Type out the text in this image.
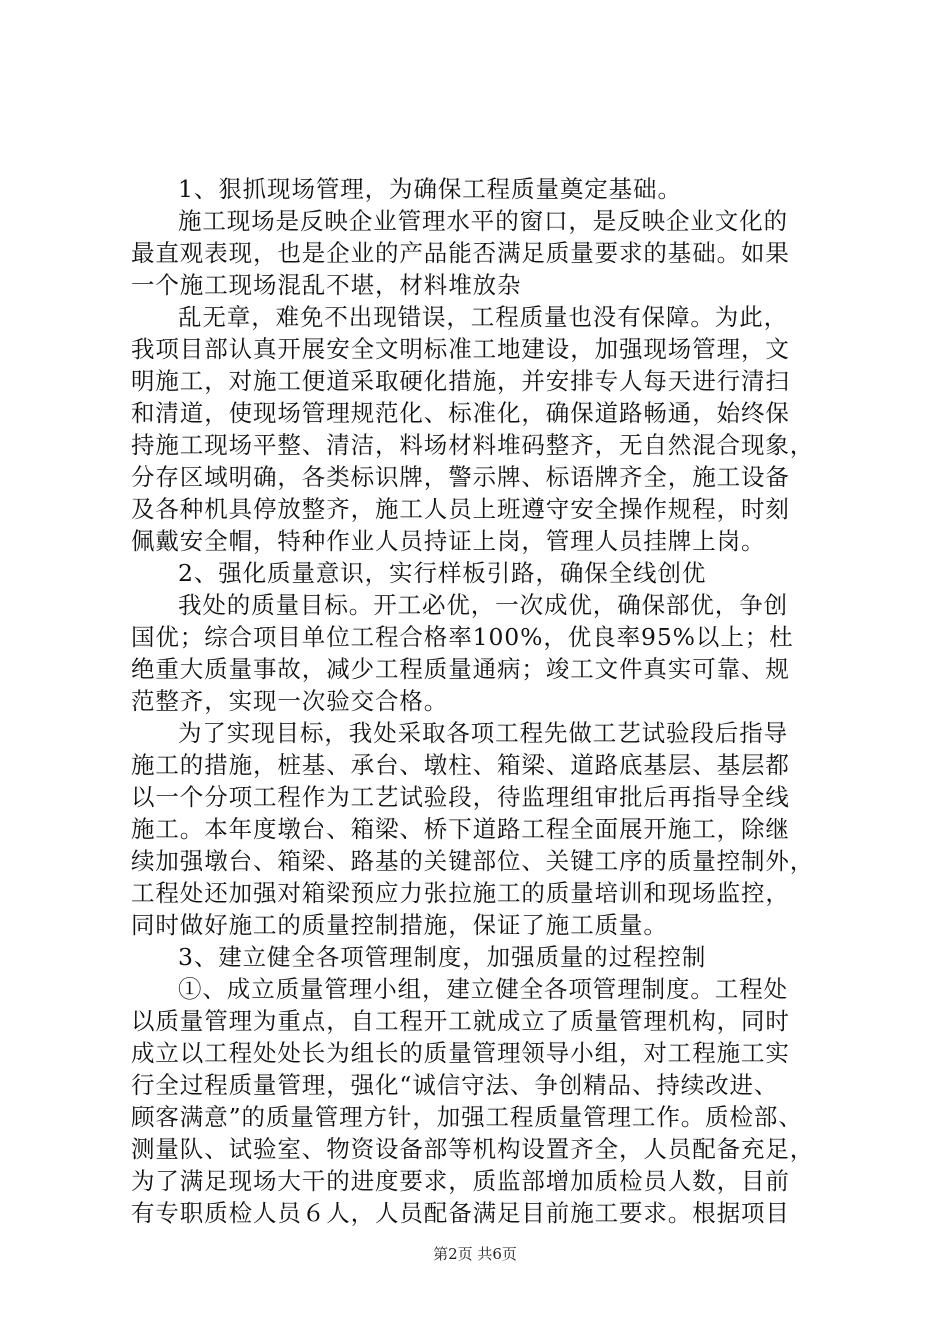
1、狠抓现场管理，为确保工程质量奠定基础。
施工现场是反映企业管理水平的窗口，是反映企业文化的
最直观表现，也是企业的产品能否满足质量要求的基础。如果
一个施工现场混乱不堪，材料堆放杂
乱无章，难免不出现错误，工程质量也没有保障。为此，
我项目部认真开展安全文明标准工地建设，加强现场管理，文
明施工，对施工便道采取硬化措施，并安排专人每天进行清扫
和清道，使现场管理规范化、标准化，确保道路畅通，始终保
持施工现场平整、清洁，料场材料堆码整齐，无自然混合现象，
分存区域明确，各类标识牌，警示牌、标语牌齐全，施工设备
及各种机具停放整齐，施工人员上班遵守安全操作规程，时刻
佩戴安全帽，特种作业人员持证上岗，管理人员挂牌上岗。
2、强化质量意识，实行样板引路，确保全线创优
我处的质量目标。开工必优，一次成优，确保部优，争创
国优；综合项目单位工程合格率100%，优良率95%以上；杜
绝重大质量事故，减少工程质量通病；竣工文件真实可靠、规
范整齐，实现一次验交合格。
为了实现目标，我处采取各项工程先做工艺试验段后指导
施工的措施，桩基、承台、墩柱、箱梁、道路底基层、基层都
以一个分项工程作为工艺试验段，待监理组审批后再指导全线
施工。本年度墩台、箱梁、桥下道路工程全面展开施工，除继
续加强墩台、箱梁、路基的关键部位、关键工序的质量控制外，
工程处还加强对箱梁预应力张拉施工的质量培训和现场监控，
同时做好施工的质量控制措施，保证了施工质量。
3、建立健全各项管理制度，加强质量的过程控制
①、成立质量管理小组，建立健全各项管理制度。工程处
以质量管理为重点，自工程开工就成立了质量管理机构，同时
成立以工程处处长为组长的质量管理领导小组，对工程施工实
行全过程质量管理，强化“诚信守法、争创精品、持续改进、
顾客满意”的质量管理方针，加强工程质量管理工作。质检部、
测量队、试验室、物资设备部等机构设置齐全，人员配备充足，
为了满足现场大干的进度要求，质监部增加质检员人数，目前
有专职质检人员６人，人员配备满足目前施工要求。根据项目
第2页 共6页
